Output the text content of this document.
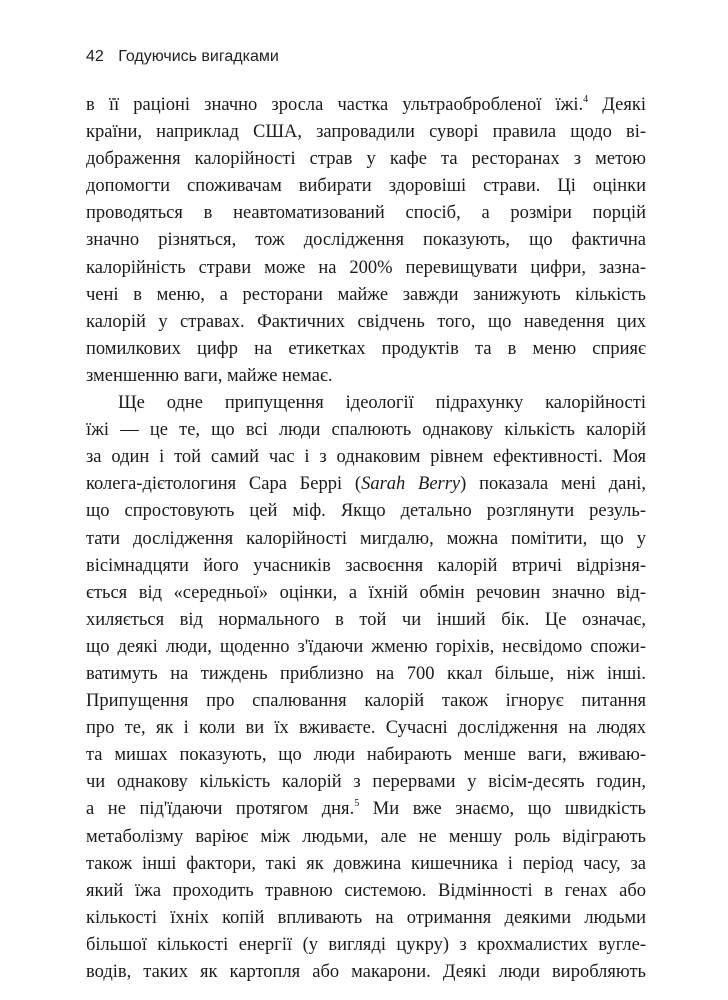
42 Годуючись вигадками
в її раціоні значно зросла частка ультраобробленої їжі.$^4$ Деякі
країни, наприклад США, запровадили суворі правила щодо ві-
дображення калорійності страв у кафе та ресторанах з метою
допомогти споживачам вибирати здоровіші страви. Ці оцінки
проводяться в неавтоматизований спосіб, а розміри порцій
значно різняться, тож дослідження показують, що фактична
калорійність страви може на 200% перевищувати цифри, зазна-
чені в меню, а ресторани майже завжди занижують кількість
калорій у стравах. Фактичних свідчень того, що наведення цих
помилкових цифр на етикетках продуктів та в меню сприяє
зменшенню ваги, майже немає.
Ще одне припущення ідеології підрахунку калорійності
їжі — це те, що всі люди спалюють однакову кількість калорій
за один і той самий час і з однаковим рівнем ефективності. Моя
колега-дієтологиня Сара Беррі (Sarah Berry) показала мені дані,
що спростовують цей міф. Якщо детально розглянути резуль-
тати дослідження калорійності мигдалю, можна помітити, що у
вісімнадцяти його учасників засвоєння калорій втричі відрізня-
ється від «середньої» оцінки, а їхній обмін речовин значно від-
хиляється від нормального в той чи інший бік. Це означає,
що деякі люди, щоденно з'їдаючи жменю горіхів, несвідомо спожи-
ватимуть на тиждень приблизно на 700 ккал більше, ніж інші.
Припущення про спалювання калорій також ігнорує питання
про те, як і коли ви їх вживаєте. Сучасні дослідження на людях
та мишах показують, що люди набирають менше ваги, вживаю-
чи однакову кількість калорій з перервами у вісім-десять годин,
а не під'їдаючи протягом дня.$^5$ Ми вже знаємо, що швидкість
метаболізму варіює між людьми, але не меншу роль відіграють
також інші фактори, такі як довжина кишечника і період часу, за
який їжа проходить травною системою. Відмінності в генах або
кількості їхніх копій впливають на отримання деякими людьми
більшої кількості енергії (у вигляді цукру) з крохмалистих вугле-
водів, таких як картопля або макарони. Деякі люди виробляють
